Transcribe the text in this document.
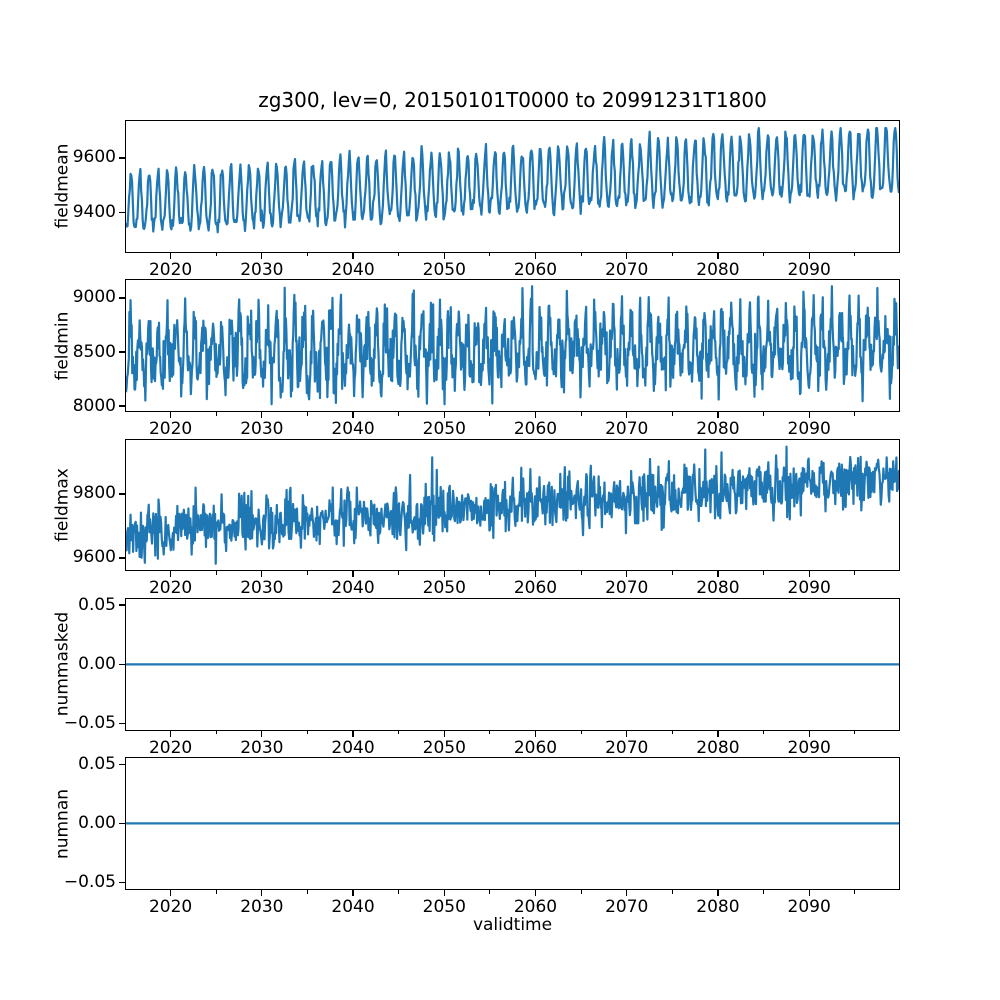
zg300, lev=0, 20150101T0000 to 20991231T1800
validtime
2020	2030	2040	2050	2060	2070	2080	2090
9400
9600
fieldmean
2020	2030	2040	2050	2060	2070	2080	2090
8000
8500
9000
fieldmin
2020	2030	2040	2050	2060	2070	2080	2090
9600
9800
fieldmax
2020	2030	2040	2050	2060	2070	2080	2090
−0.05
0.00
0.05
nummasked
2020	2030	2040	2050	2060	2070	2080	2090
−0.05
0.00
0.05
numnan
